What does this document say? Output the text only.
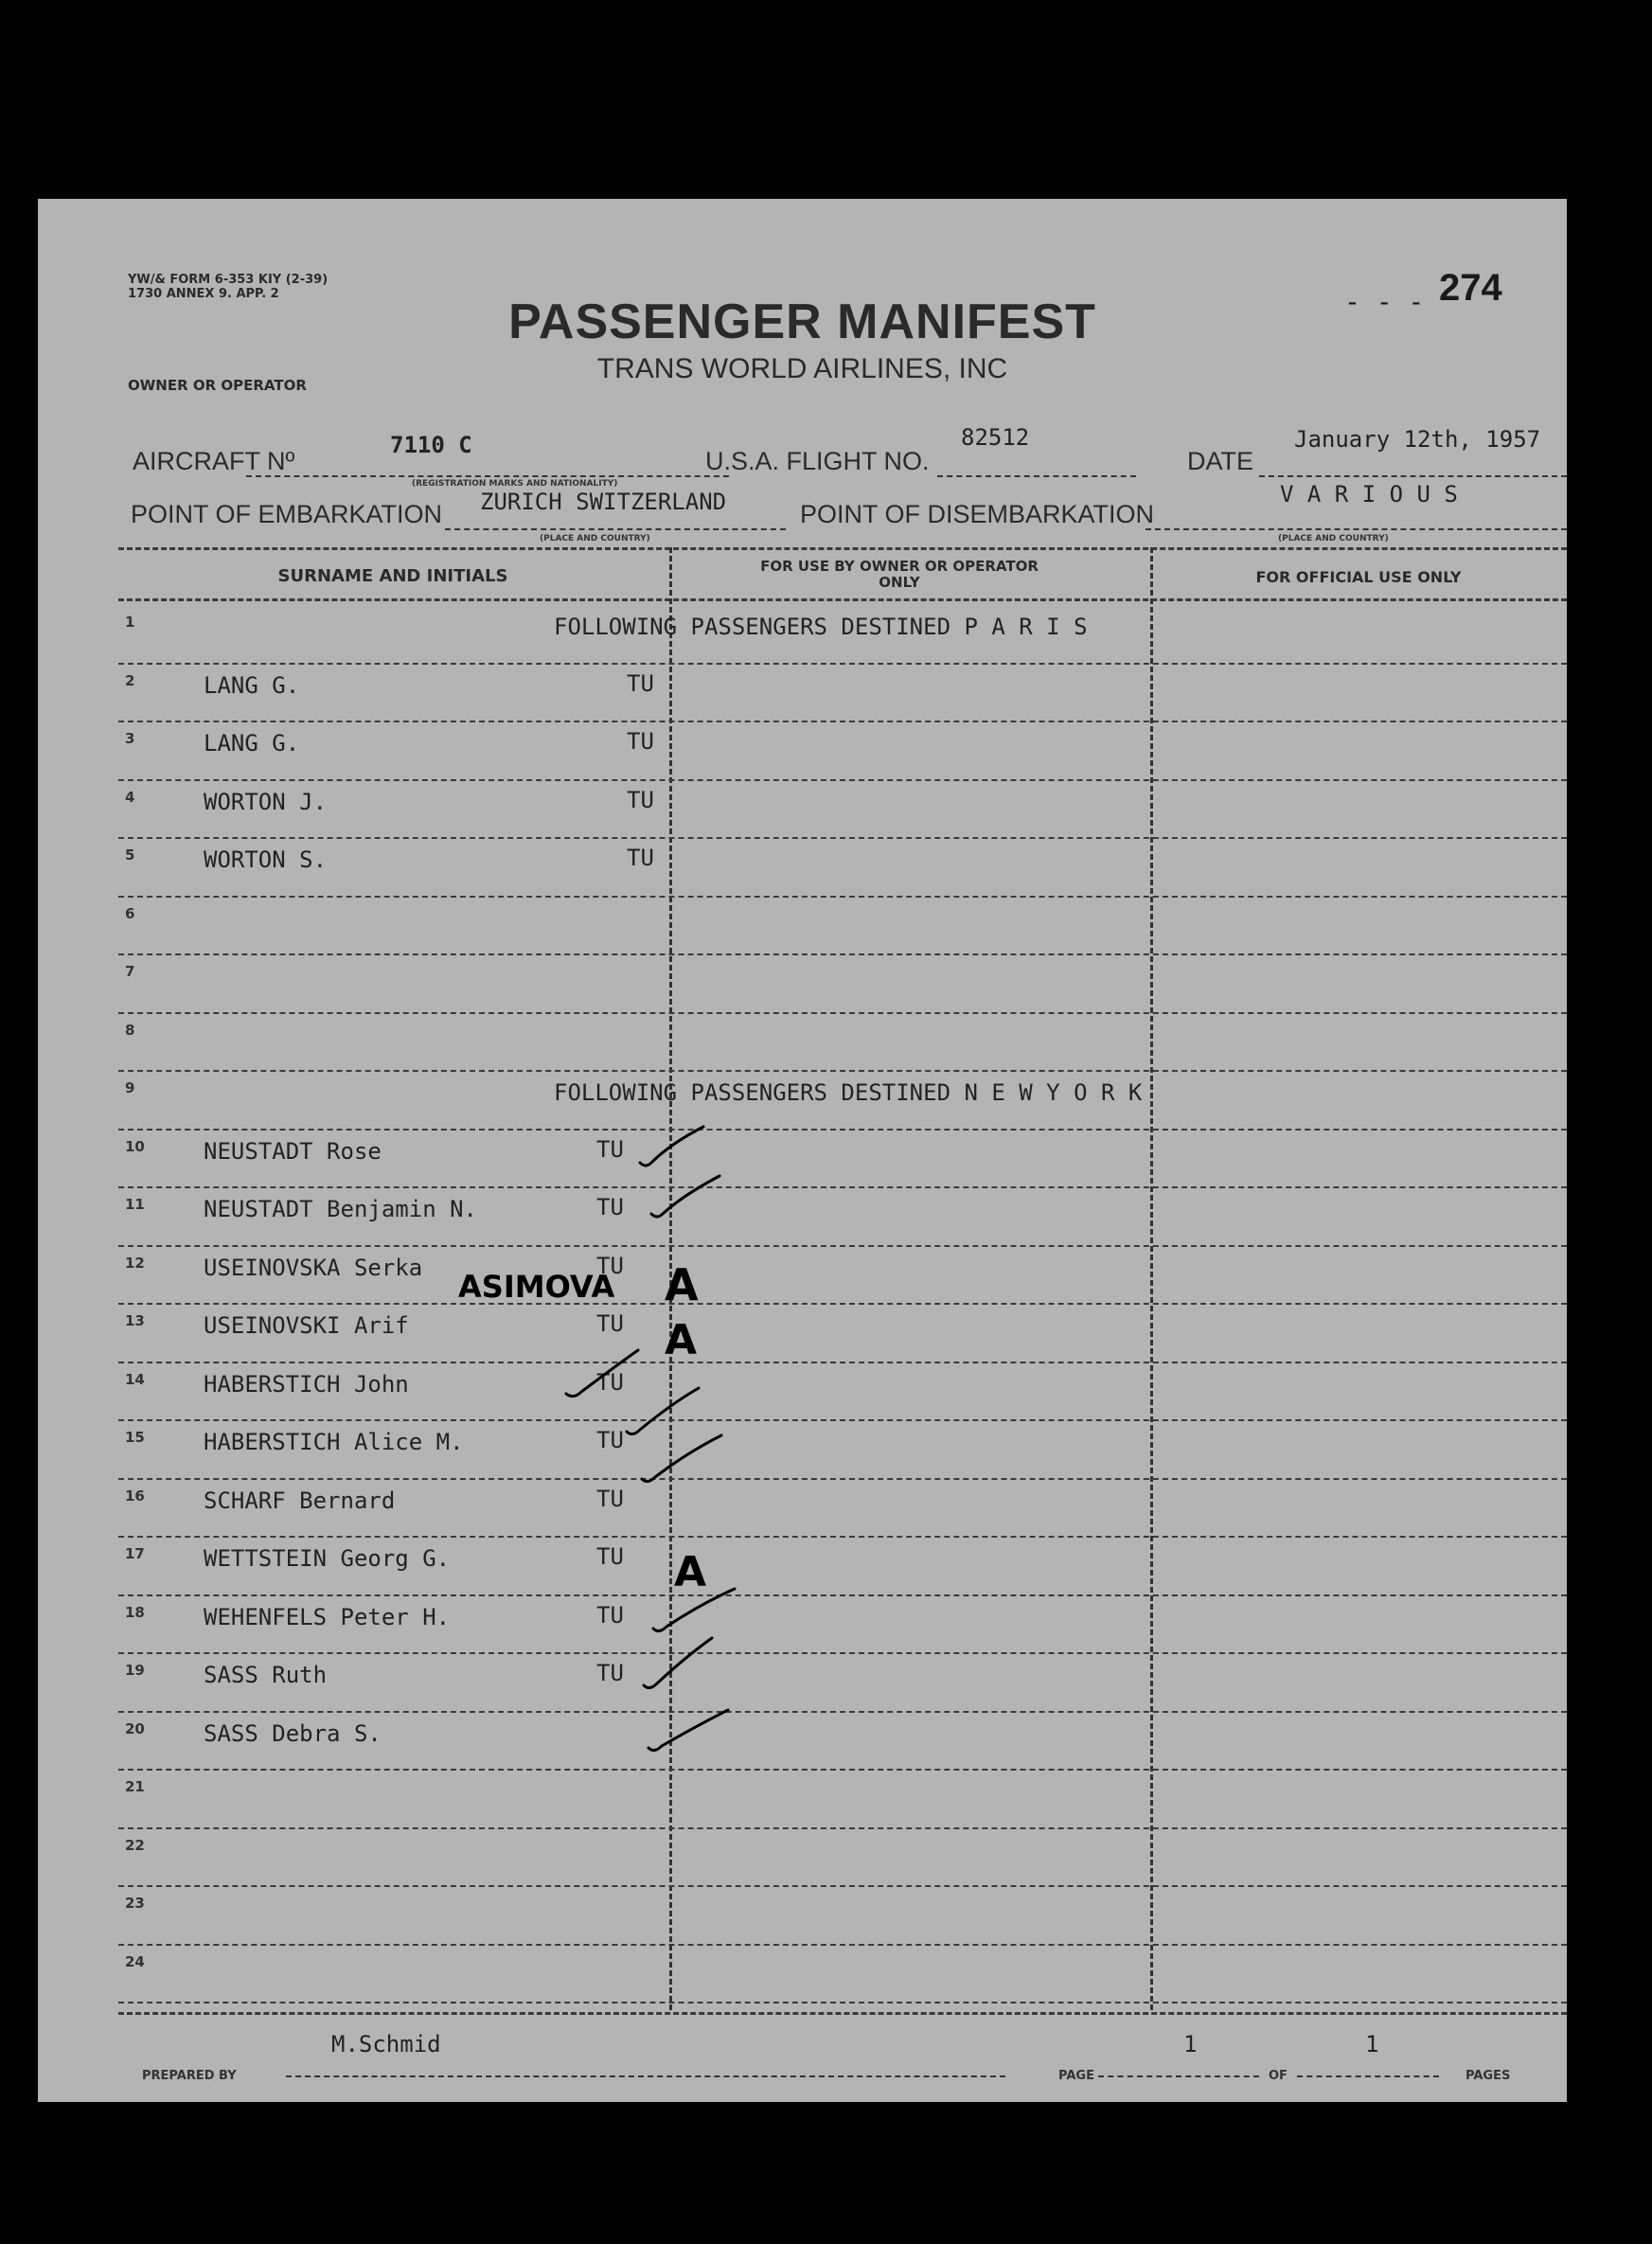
YW/& FORM 6-353 KIY (2-39)
1730 ANNEX 9. APP. 2
PASSENGER MANIFEST
TRANS WORLD AIRLINES, INC
- - - 274
OWNER OR OPERATOR
AIRCRAFT Nº
7110 C
(REGISTRATION MARKS AND NATIONALITY)
U.S.A. FLIGHT NO.
82512
DATE
January 12th, 1957
POINT OF EMBARKATION ZURICH SWITZERLAND
(PLACE AND COUNTRY)
POINT OF DISEMBARKATION
V A R I O U S
(PLACE AND COUNTRY)
SURNAME AND INITIALS	FOR USE BY OWNER OR OPERATOR ONLY	FOR OFFICIAL USE ONLY
1	FOLLOWING PASSENGERS DESTINED P A R I S
2	LANG G.	TU
3	LANG G.	TU
4	WORTON J.	TU
5	WORTON S.	TU
6
7
8
9	FOLLOWING PASSENGERS DESTINED N E W Y O R K
10	NEUSTADT Rose	TU
11	NEUSTADT Benjamin N.	TU
12	USEINOVSKA Serka	TU
13	USEINOVSKI Arif	TU
14	HABERSTICH John	TU
15	HABERSTICH Alice M.	TU
16	SCHARF Bernard	TU
17	WETTSTEIN Georg G.	TU
18	WEHENFELS Peter H.	TU
19	SASS Ruth	TU
20	SASS Debra S.
21
22
23
24
ASIMOVA A
A
A
M.Schmid
PREPARED BY
1
PAGE	OF
1
PAGES
